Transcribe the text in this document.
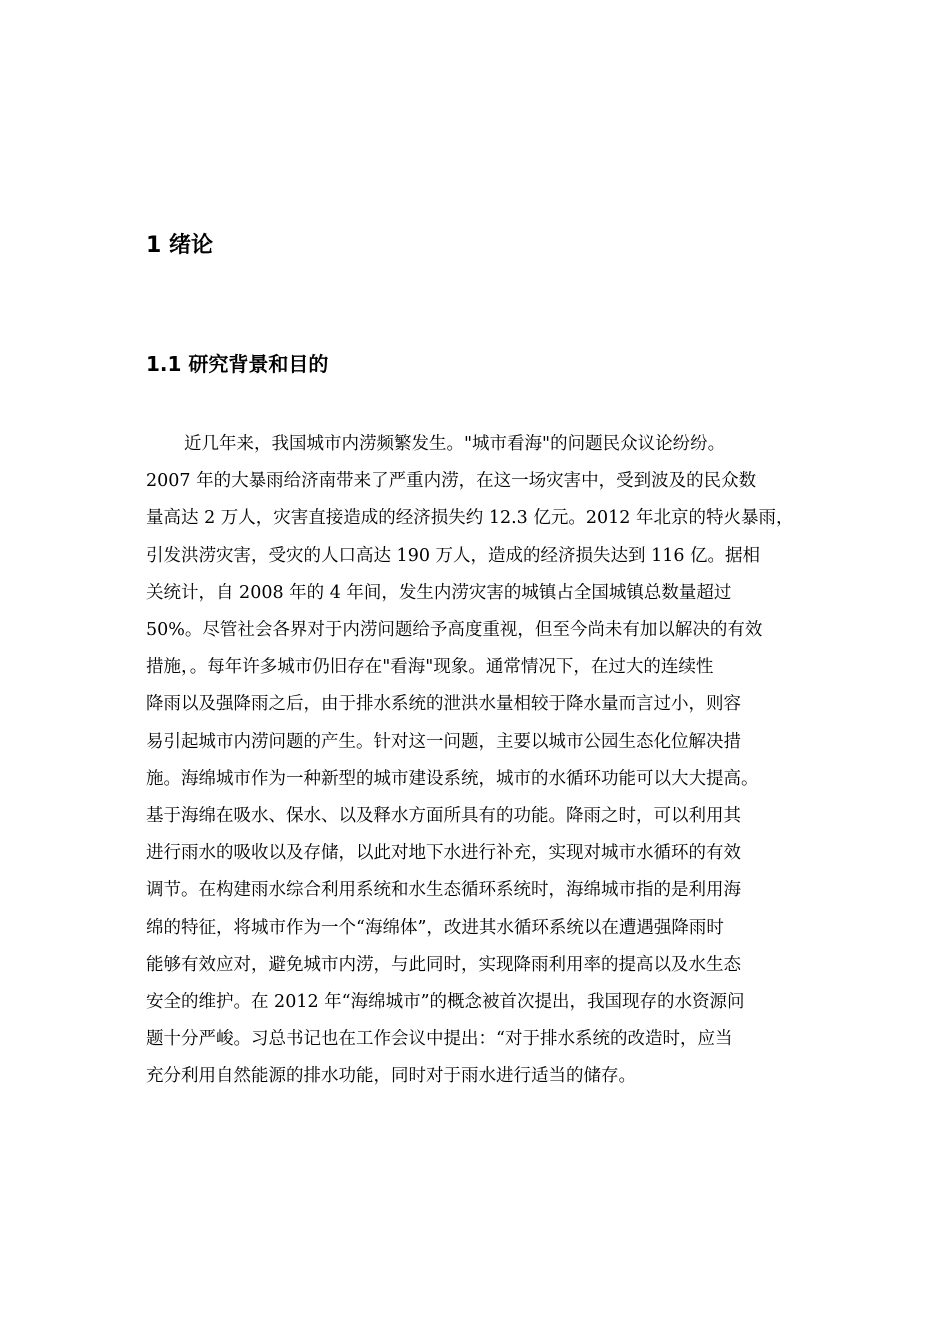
1 绪论
1.1 研究背景和目的

近几年来，我国城市内涝频繁发生。"城市看海"的问题民众议论纷纷。
2007 年的大暴雨给济南带来了严重内涝，在这一场灾害中，受到波及的民众数
量高达 2 万人，灾害直接造成的经济损失约 12.3 亿元。2012 年北京的特火暴雨，
引发洪涝灾害，受灾的人口高达 190 万人，造成的经济损失达到 116 亿。据相
关统计，自 2008 年的 4 年间，发生内涝灾害的城镇占全国城镇总数量超过
50%。尽管社会各界对于内涝问题给予高度重视，但至今尚未有加以解决的有效
措施，。每年许多城市仍旧存在"看海"现象。通常情况下，在过大的连续性
降雨以及强降雨之后，由于排水系统的泄洪水量相较于降水量而言过小，则容
易引起城市内涝问题的产生。针对这一问题，主要以城市公园生态化位解决措
施。海绵城市作为一种新型的城市建设系统，城市的水循环功能可以大大提高。
基于海绵在吸水、保水、以及释水方面所具有的功能。降雨之时，可以利用其
进行雨水的吸收以及存储，以此对地下水进行补充，实现对城市水循环的有效
调节。在构建雨水综合利用系统和水生态循环系统时，海绵城市指的是利用海
绵的特征，将城市作为一个“海绵体”，改进其水循环系统以在遭遇强降雨时
能够有效应对，避免城市内涝，与此同时，实现降雨利用率的提高以及水生态
安全的维护。在 2012 年“海绵城市”的概念被首次提出，我国现存的水资源问
题十分严峻。习总书记也在工作会议中提出：“对于排水系统的改造时，应当
充分利用自然能源的排水功能，同时对于雨水进行适当的储存。
